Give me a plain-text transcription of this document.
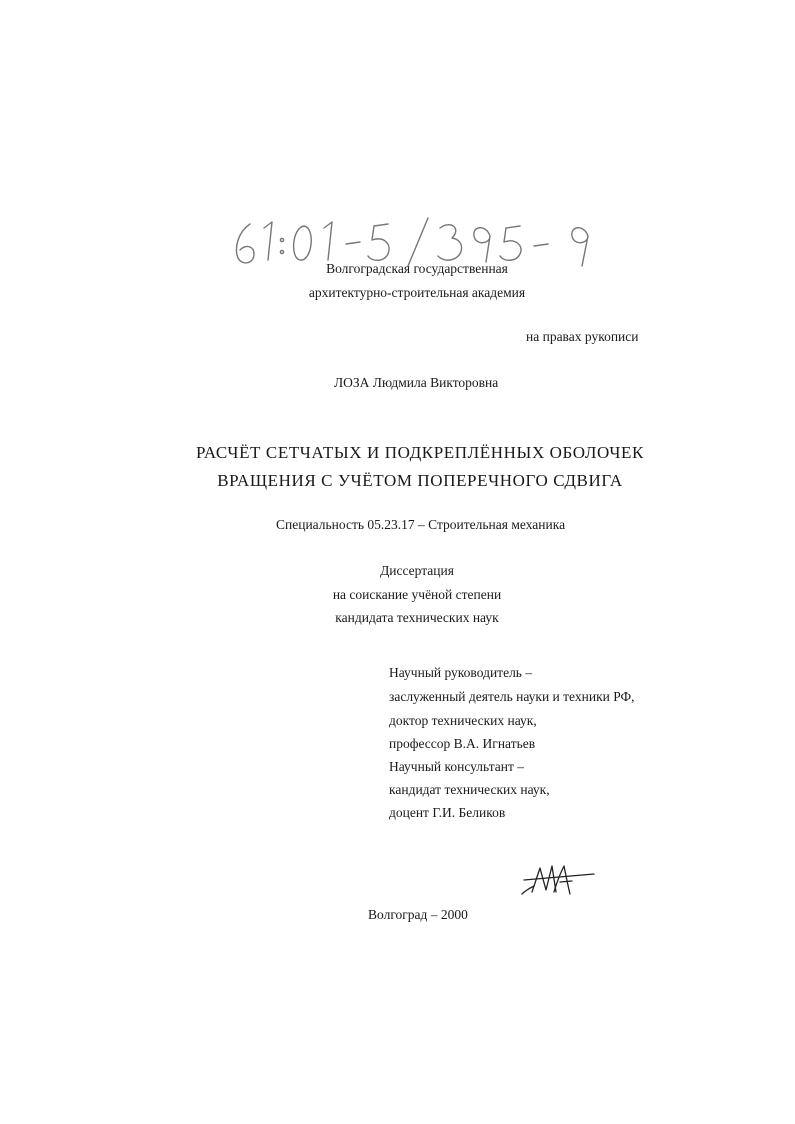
Волгоградская государственная
архитектурно-строительная академия
на правах рукописи
ЛОЗА Людмила Викторовна
РАСЧЁТ СЕТЧАТЫХ И ПОДКРЕПЛЁННЫХ ОБОЛОЧЕК
ВРАЩЕНИЯ С УЧЁТОМ ПОПЕРЕЧНОГО СДВИГА
Специальность 05.23.17 – Строительная механика
Диссертация
на соискание учёной степени
кандидата технических наук
Научный руководитель –
заслуженный деятель науки и техники РФ,
доктор технических наук,
профессор В.А. Игнатьев
Научный консультант –
кандидат технических наук,
доцент Г.И. Беликов
Волгоград – 2000
